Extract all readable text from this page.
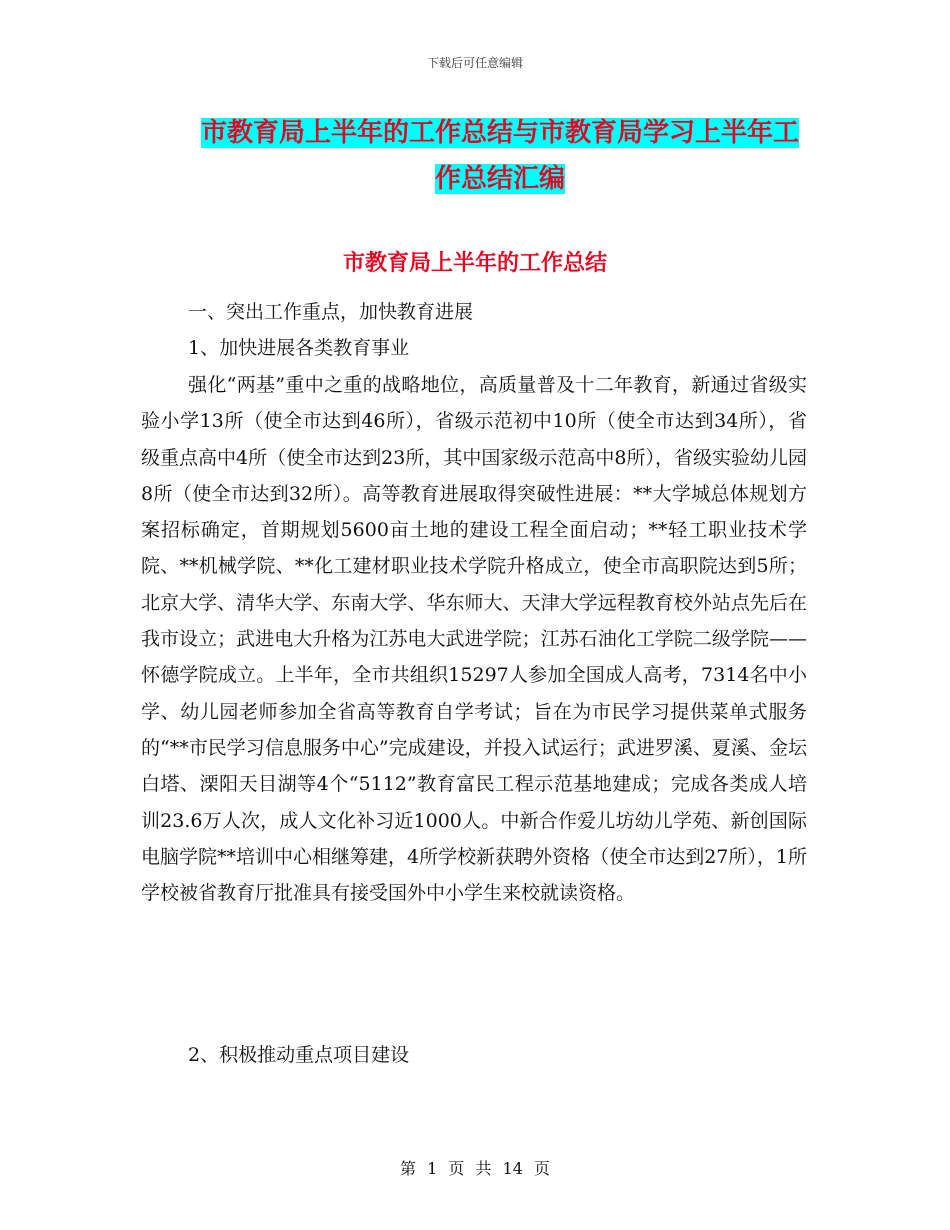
下载后可任意编辑
市教育局上半年的工作总结与市教育局学习上半年工
作总结汇编
市教育局上半年的工作总结
一、突出工作重点，加快教育进展
1、加快进展各类教育事业
强化“两基”重中之重的战略地位，高质量普及十二年教育，新通过省级实验小学13所（使全市达到46所），省级示范初中10所（使全市达到34所），省级重点高中4所（使全市达到23所，其中国家级示范高中8所），省级实验幼儿园8所（使全市达到32所）。高等教育进展取得突破性进展：**大学城总体规划方案招标确定，首期规划5600亩土地的建设工程全面启动；**轻工职业技术学院、**机械学院、**化工建材职业技术学院升格成立，使全市高职院达到5所；北京大学、清华大学、东南大学、华东师大、天津大学远程教育校外站点先后在我市设立；武进电大升格为江苏电大武进学院；江苏石油化工学院二级学院——怀德学院成立。上半年，全市共组织15297人参加全国成人高考，7314名中小学、幼儿园老师参加全省高等教育自学考试；旨在为市民学习提供菜单式服务的“**市民学习信息服务中心”完成建设，并投入试运行；武进罗溪、夏溪、金坛白塔、溧阳天目湖等4个“5112”教育富民工程示范基地建成；完成各类成人培训23.6万人次，成人文化补习近1000人。中新合作爱儿坊幼儿学苑、新创国际电脑学院**培训中心相继筹建，4所学校新获聘外资格（使全市达到27所），1所学校被省教育厅批准具有接受国外中小学生来校就读资格。
2、积极推动重点项目建设
第 1 页 共 14 页
